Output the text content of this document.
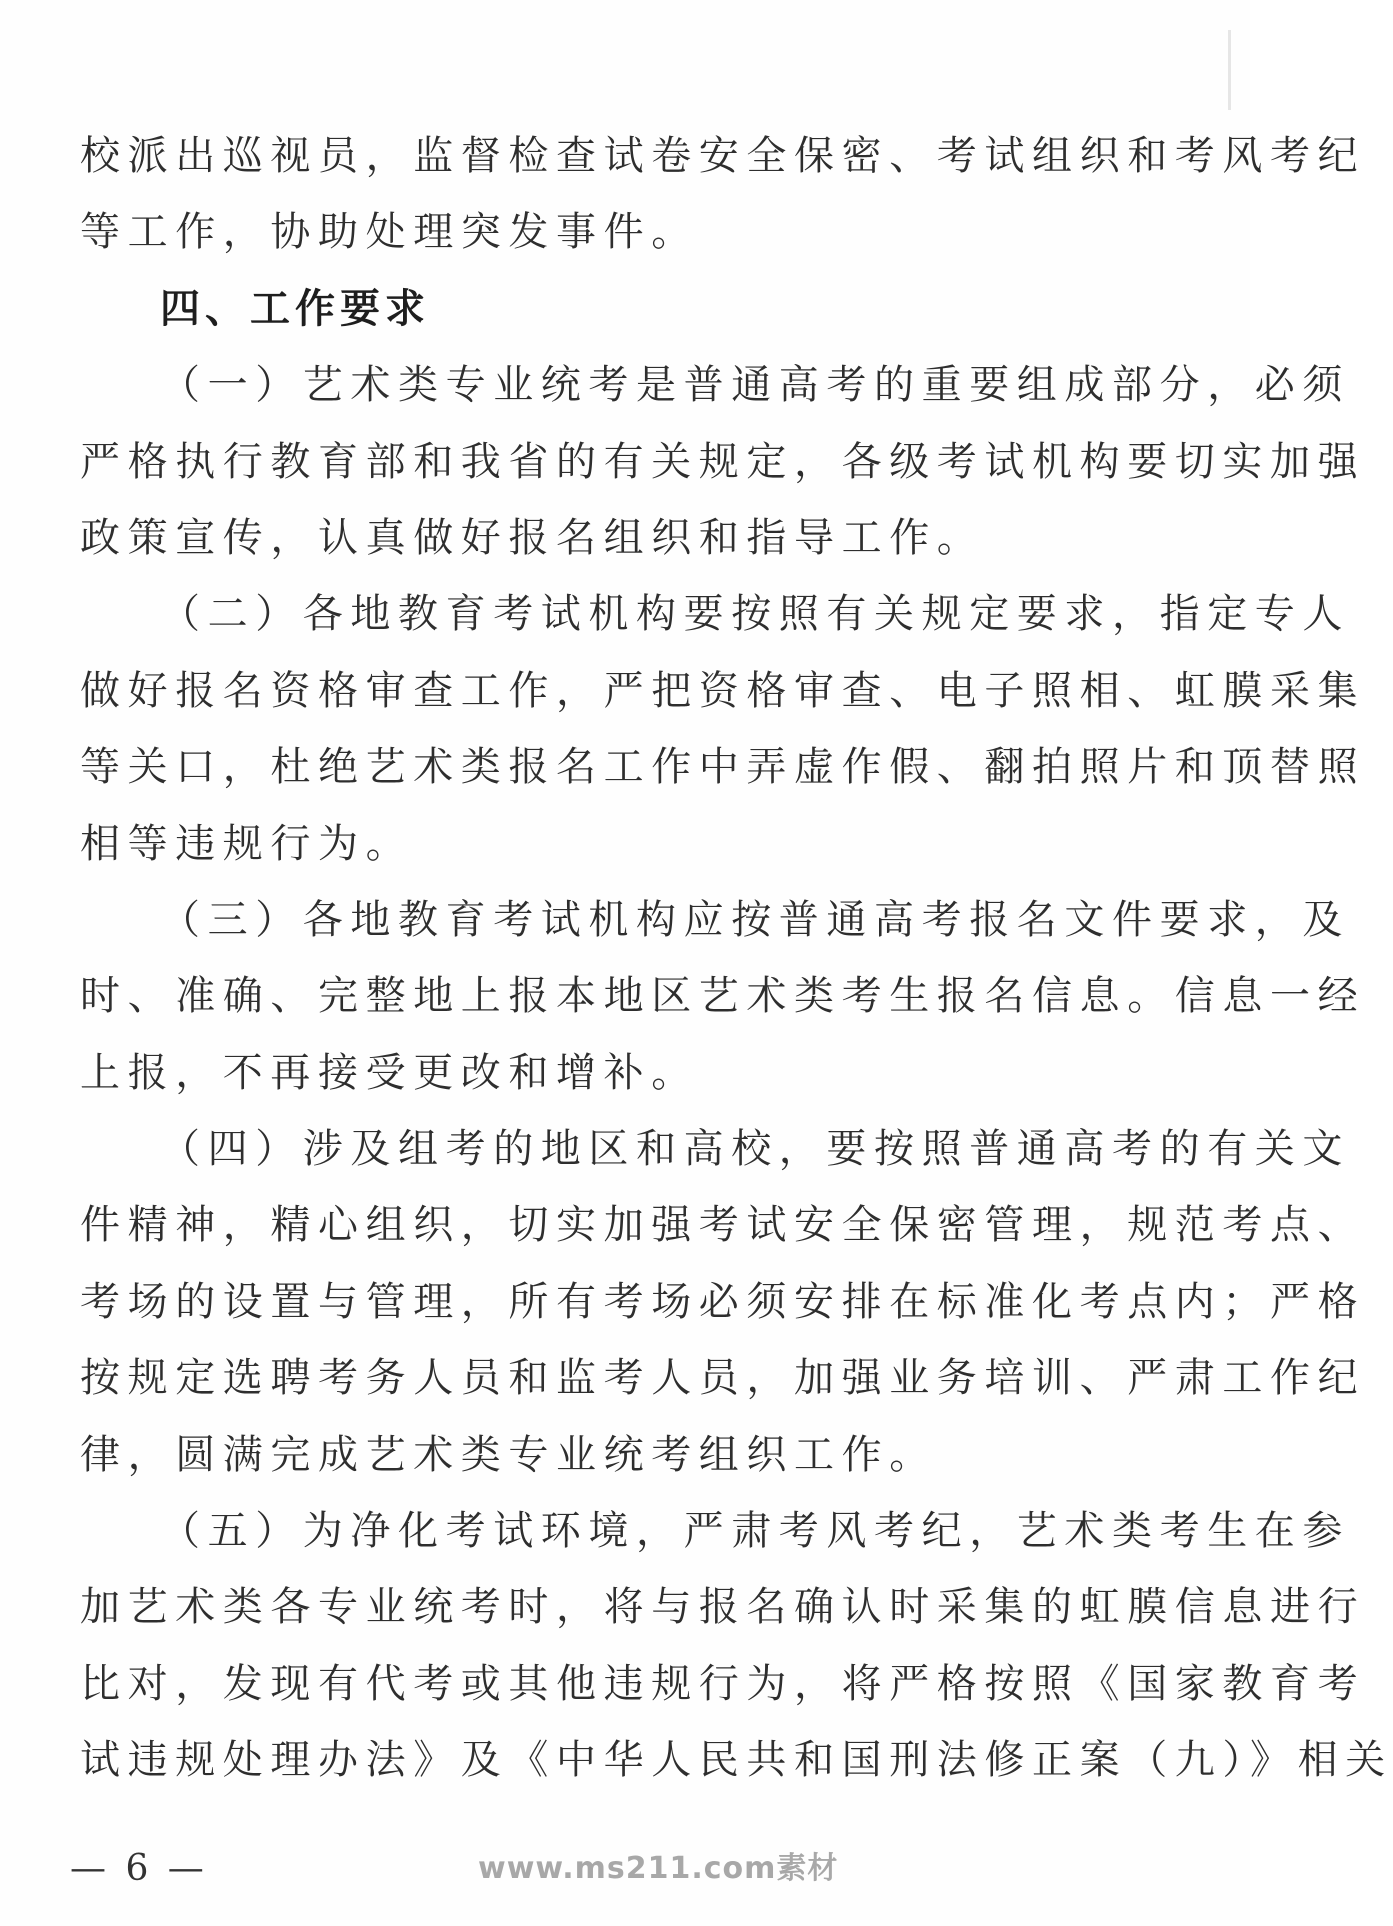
校派出巡视员，监督检查试卷安全保密、考试组织和考风考纪
等工作，协助处理突发事件。
四、工作要求
（一）艺术类专业统考是普通高考的重要组成部分，必须
严格执行教育部和我省的有关规定，各级考试机构要切实加强
政策宣传，认真做好报名组织和指导工作。
（二）各地教育考试机构要按照有关规定要求，指定专人
做好报名资格审查工作，严把资格审查、电子照相、虹膜采集
等关口，杜绝艺术类报名工作中弄虚作假、翻拍照片和顶替照
相等违规行为。
（三）各地教育考试机构应按普通高考报名文件要求，及
时、准确、完整地上报本地区艺术类考生报名信息。信息一经
上报，不再接受更改和增补。
（四）涉及组考的地区和高校，要按照普通高考的有关文
件精神，精心组织，切实加强考试安全保密管理，规范考点、
考场的设置与管理，所有考场必须安排在标准化考点内；严格
按规定选聘考务人员和监考人员，加强业务培训、严肃工作纪
律，圆满完成艺术类专业统考组织工作。
（五）为净化考试环境，严肃考风考纪，艺术类考生在参
加艺术类各专业统考时，将与报名确认时采集的虹膜信息进行
比对，发现有代考或其他违规行为，将严格按照《国家教育考
试违规处理办法》及《中华人民共和国刑法修正案（九）》相关
— 6 —	www.ms211.com素材
